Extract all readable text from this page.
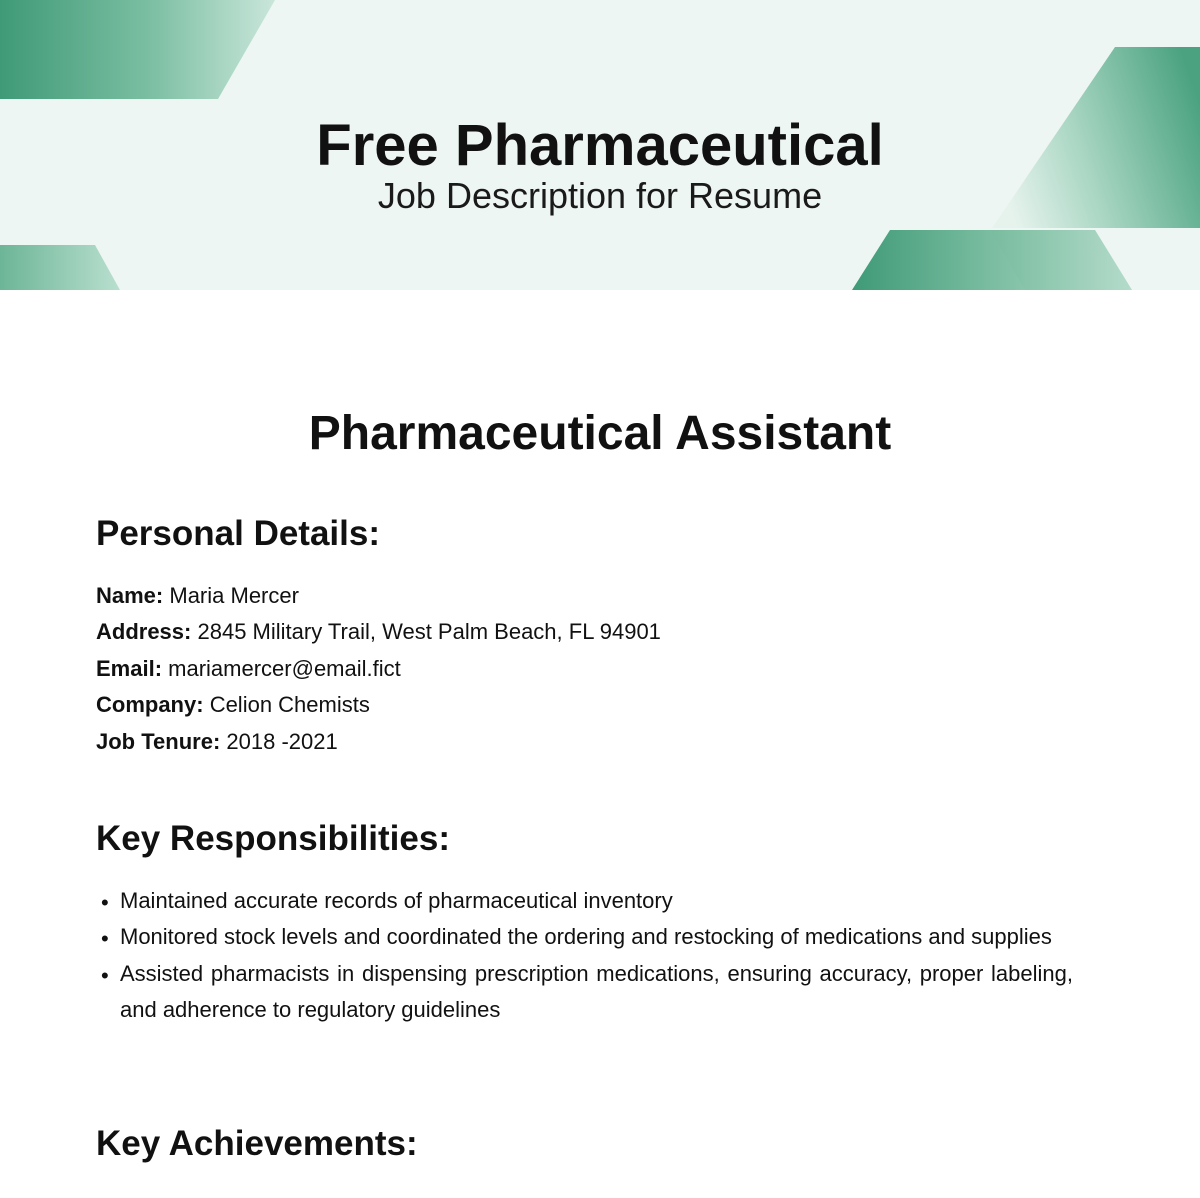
Free Pharmaceutical

Job Description for Resume

Pharmaceutical Assistant
Personal Details:
Name: Maria Mercer
Address: 2845 Military Trail, West Palm Beach, FL 94901
Email: mariamercer@email.fict
Company: Celion Chemists
Job Tenure: 2018 -2021
Key Responsibilities:
• Maintained accurate records of pharmaceutical inventory
• Monitored stock levels and coordinated the ordering and restocking of medications and supplies
• Assisted pharmacists in dispensing prescription medications, ensuring accuracy, proper labeling, and adherence to regulatory guidelines
Key Achievements:
